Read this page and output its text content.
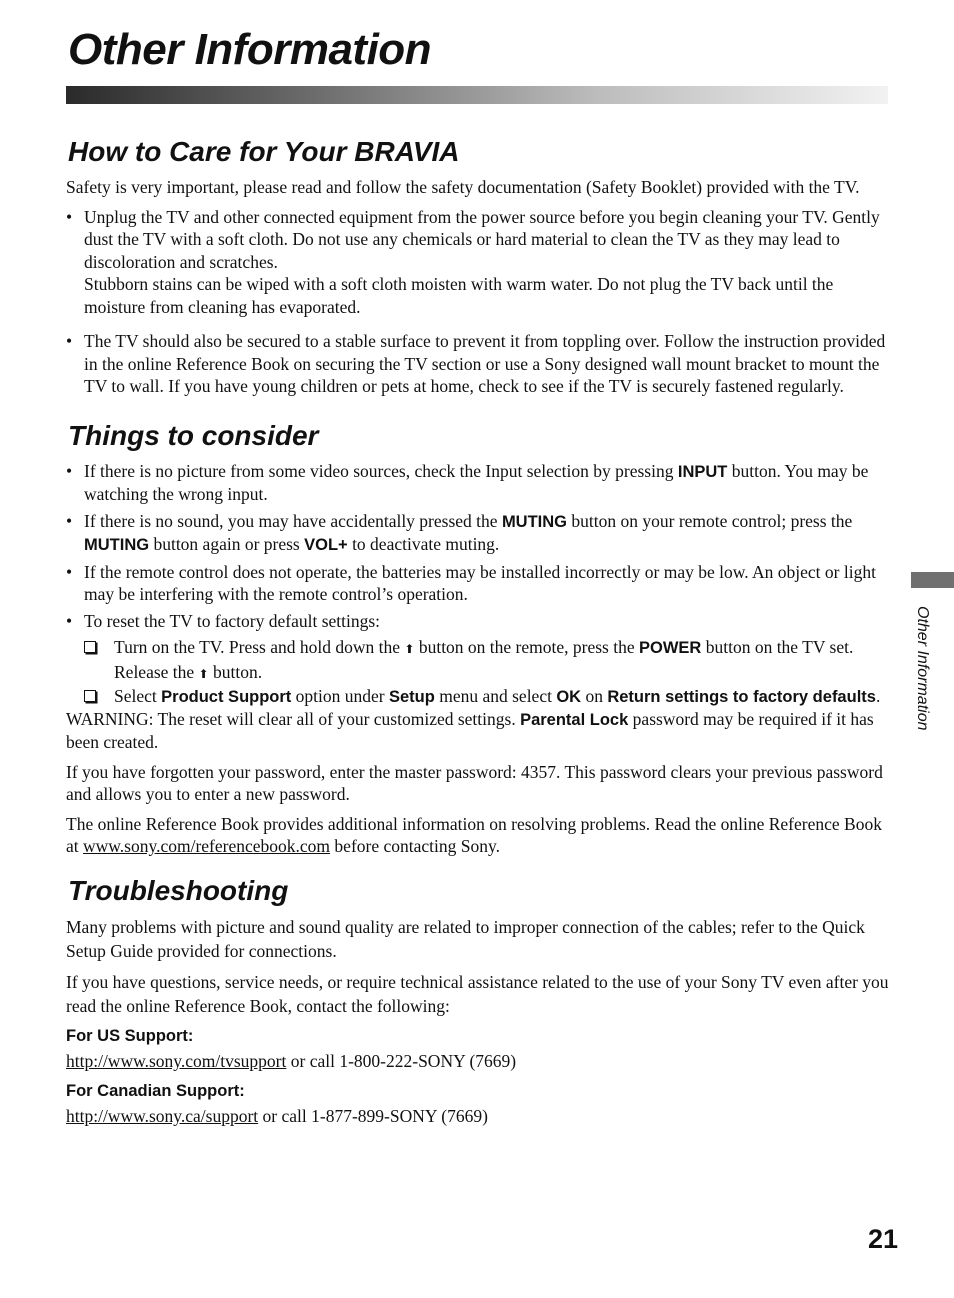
Other Information
How to Care for Your BRAVIA

Safety is very important, please read and follow the safety documentation (Safety Booklet) provided with the TV.

• Unplug the TV and other connected equipment from the power source before you begin cleaning your TV. Gently dust the TV with a soft cloth. Do not use any chemicals or hard material to clean the TV as they may lead to discoloration and scratches.
Stubborn stains can be wiped with a soft cloth moisten with warm water. Do not plug the TV back until the moisture from cleaning has evaporated.
• The TV should also be secured to a stable surface to prevent it from toppling over. Follow the instruction provided in the online Reference Book on securing the TV section or use a Sony designed wall mount bracket to mount the TV to wall. If you have young children or pets at home, check to see if the TV is securely fastened regularly.
Things to consider
• If there is no picture from some video sources, check the Input selection by pressing INPUT button. You may be watching the wrong input.
• If there is no sound, you may have accidentally pressed the MUTING button on your remote control; press the MUTING button again or press VOL+ to deactivate muting.
• If the remote control does not operate, the batteries may be installed incorrectly or may be low. An object or light may be interfering with the remote control’s operation.
• To reset the TV to factory default settings:
Turn on the TV. Press and hold down the ⬆ button on the remote, press the POWER button on the TV set. Release the ⬆ button.
Select Product Support option under Setup menu and select OK on Return settings to factory defaults.

WARNING: The reset will clear all of your customized settings. Parental Lock password may be required if it has been created.

If you have forgotten your password, enter the master password: 4357. This password clears your previous password and allows you to enter a new password.

The online Reference Book provides additional information on resolving problems. Read the online Reference Book at www.sony.com/referencebook.com before contacting Sony.

Troubleshooting

Many problems with picture and sound quality are related to improper connection of the cables; refer to the Quick Setup Guide provided for connections.

If you have questions, service needs, or require technical assistance related to the use of your Sony TV even after you read the online Reference Book, contact the following:

For US Support:

http://www.sony.com/tvsupport or call 1-800-222-SONY (7669)

For Canadian Support:

http://www.sony.ca/support or call 1-877-899-SONY (7669)

Other Information
21
